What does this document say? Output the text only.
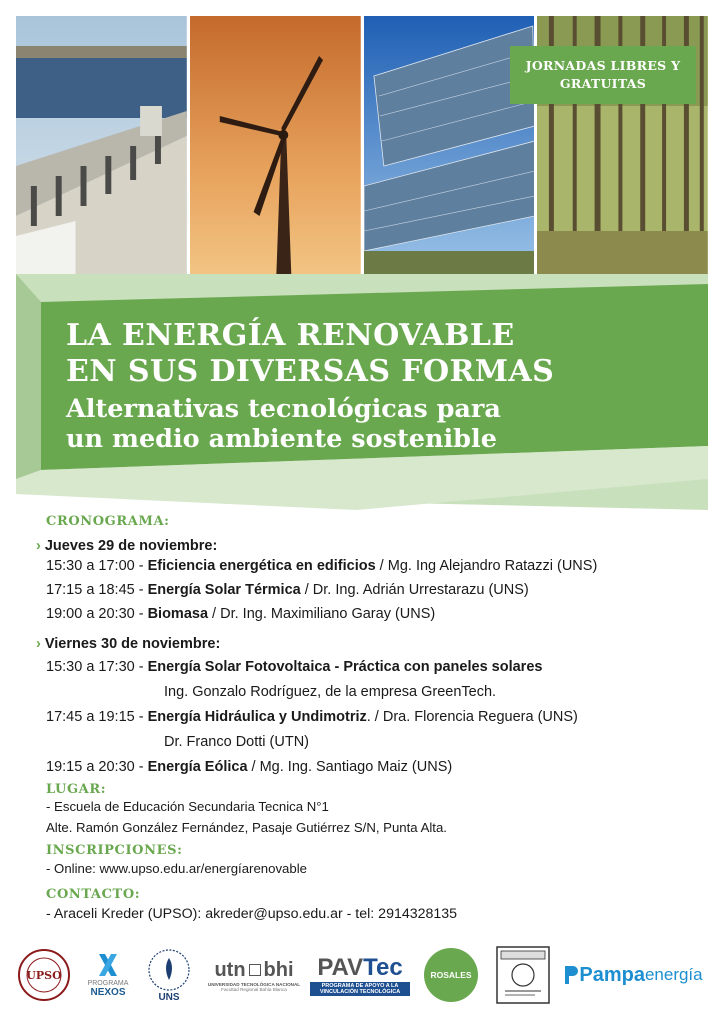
JORNADAS LIBRES Y
GRATUITAS
LA ENERGÍA RENOVABLE
EN SUS DIVERSAS FORMAS
Alternativas tecnológicas para
un medio ambiente sostenible
CRONOGRAMA:
› Jueves 29 de noviembre:
15:30 a 17:00 - Eficiencia energética en edificios / Mg. Ing Alejandro Ratazzi (UNS)
17:15 a 18:45 - Energía Solar Térmica / Dr. Ing. Adrián Urrestarazu (UNS)
19:00 a 20:30 - Biomasa / Dr. Ing. Maximiliano Garay (UNS)
› Viernes 30 de noviembre:
15:30 a 17:30 - Energía Solar Fotovoltaica - Práctica con paneles solares
Ing. Gonzalo Rodríguez, de la empresa GreenTech.
17:45 a 19:15 - Energía Hidráulica y Undimotriz. / Dra. Florencia Reguera (UNS)
Dr. Franco Dotti (UTN)
19:15 a 20:30 - Energía Eólica / Mg. Ing. Santiago Maiz (UNS)
LUGAR:
- Escuela de Educación Secundaria Tecnica N°1
Alte. Ramón González Fernández, Pasaje Gutiérrez S/N, Punta Alta.
INSCRIPCIONES:
- Online: www.upso.edu.ar/energíarenovable
CONTACTO:
- Araceli Kreder (UPSO): akreder@upso.edu.ar - tel: 2914328135
UPSO
PROGRAMA
NEXOS	UNS
utn bhi
UNIVERSIDAD TECNOLÓGICA NACIONAL
Facultad Regional Bahía Blanca
PAVTec
PROGRAMA DE APOYO A LA
VINCULACIÓN TECNOLÓGICA
ROSALES	Pampa energía
